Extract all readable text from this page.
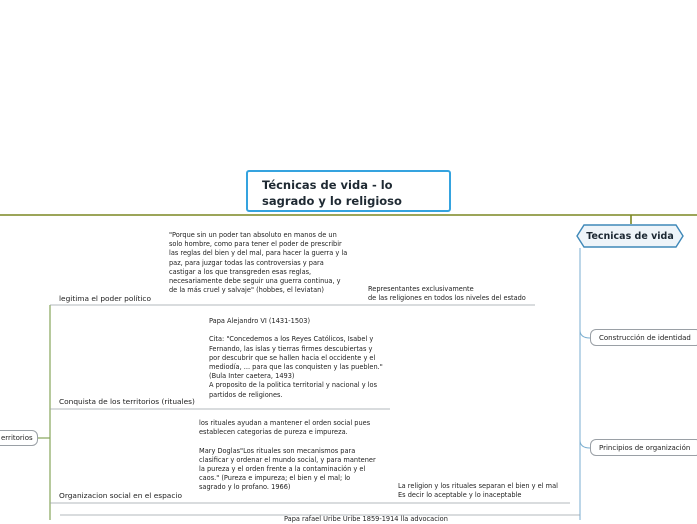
Técnicas de vida - lo sagrado y lo religioso
Tecnicas de vida
Construcción de identidad
Principios de organización
erritorios
legitima el poder político
"Porque sin un poder tan absoluto en manos de un solo hombre, como para tener el poder de prescribir las reglas del bien y del mal, para hacer la guerra y la paz, para juzgar todas las controversias y para castigar a los que transgreden esas reglas, necesariamente debe seguir una guerra continua, y de la más cruel y salvaje" (hobbes, el leviatan)	Representantes exclusivamente
de las religiones en todos los niveles del estado
Conquista de los territorios (rituales)
Papa Alejandro VI (1431-1503)

Cita: "Concedemos a los Reyes Católicos, Isabel y Fernando, las islas y tierras firmes descubiertas y por descubrir que se hallen hacia el occidente y el mediodía, ... para que las conquisten y las pueblen." (Bula Inter caetera, 1493)
A proposito de la politica territorial y nacional y los partidos de religiones.
Organizacion social en el espacio
los rituales ayudan a mantener el orden social pues establecen categorias de pureza e impureza.

Mary Doglas"Los rituales son mecanismos para clasificar y ordenar el mundo social, y para mantener la pureza y el orden frente a la contaminación y el caos." (Pureza e impureza; el bien y el mal; lo sagrado y lo profano. 1966)	La religion y los rituales separan el bien y el mal
Es decir lo aceptable y lo inaceptable
Papa rafael Uribe Uribe 1859-1914 lla advocacion
